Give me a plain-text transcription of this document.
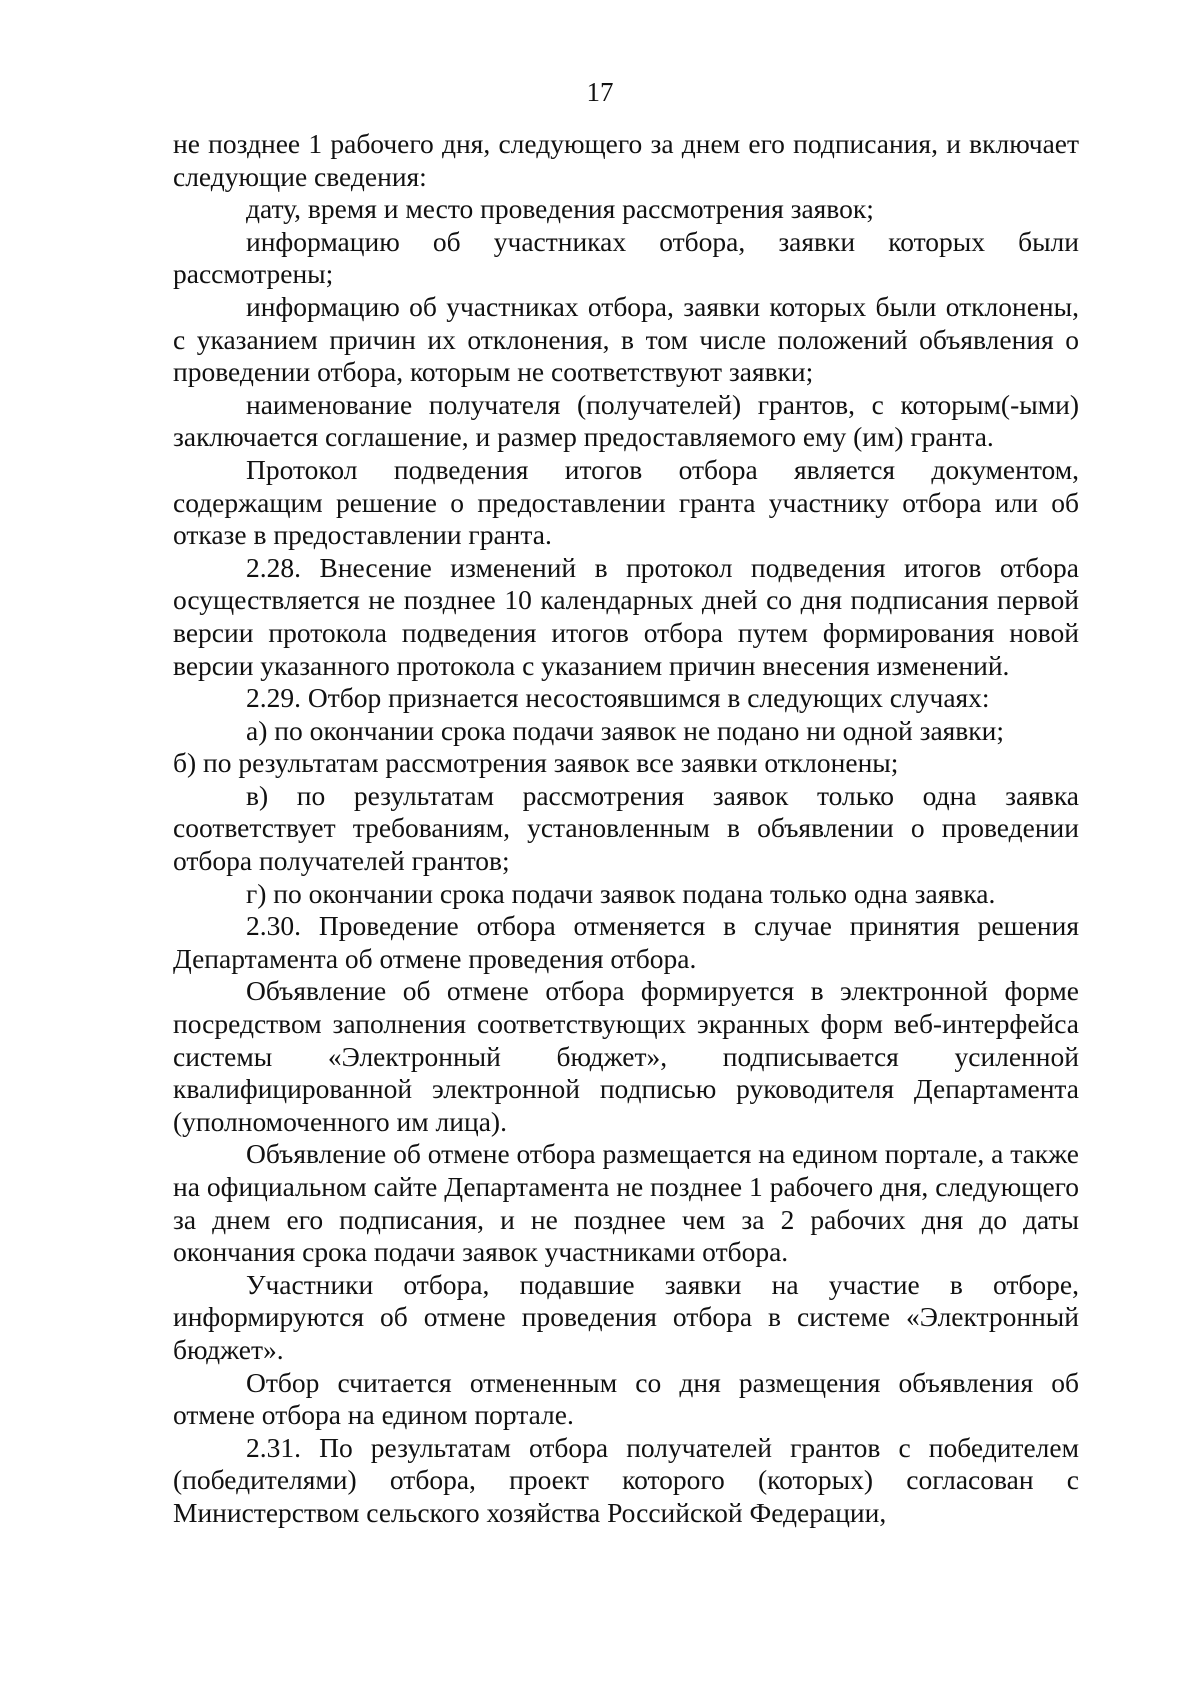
17

не позднее 1 рабочего дня, следующего за днем его подписания, и включает следующие сведения:

дату, время и место проведения рассмотрения заявок;

информацию об участниках отбора, заявки которых были рассмотрены;

информацию об участниках отбора, заявки которых были отклонены, с указанием причин их отклонения, в том числе положений объявления о проведении отбора, которым не соответствуют заявки;

наименование получателя (получателей) грантов, с которым(-ыми) заключается соглашение, и размер предоставляемого ему (им) гранта.

Протокол подведения итогов отбора является документом, содержащим решение о предоставлении гранта участнику отбора или об отказе в предоставлении гранта.

2.28. Внесение изменений в протокол подведения итогов отбора осуществляется не позднее 10 календарных дней со дня подписания первой версии протокола подведения итогов отбора путем формирования новой версии указанного протокола с указанием причин внесения изменений.

2.29. Отбор признается несостоявшимся в следующих случаях:

а) по окончании срока подачи заявок не подано ни одной заявки;

б) по результатам рассмотрения заявок все заявки отклонены;

в) по результатам рассмотрения заявок только одна заявка соответствует требованиям, установленным в объявлении о проведении отбора получателей грантов;

г) по окончании срока подачи заявок подана только одна заявка.

2.30. Проведение отбора отменяется в случае принятия решения Департамента об отмене проведения отбора.

Объявление об отмене отбора формируется в электронной форме посредством заполнения соответствующих экранных форм веб-интерфейса системы «Электронный бюджет», подписывается усиленной квалифицированной электронной подписью руководителя Департамента (уполномоченного им лица).

Объявление об отмене отбора размещается на едином портале, а также на официальном сайте Департамента не позднее 1 рабочего дня, следующего за днем его подписания, и не позднее чем за 2 рабочих дня до даты окончания срока подачи заявок участниками отбора.

Участники отбора, подавшие заявки на участие в отборе, информируются об отмене проведения отбора в системе «Электронный бюджет».

Отбор считается отмененным со дня размещения объявления об отмене отбора на едином портале.

2.31. По результатам отбора получателей грантов с победителем (победителями) отбора, проект которого (которых) согласован с Министерством сельского хозяйства Российской Федерации,
